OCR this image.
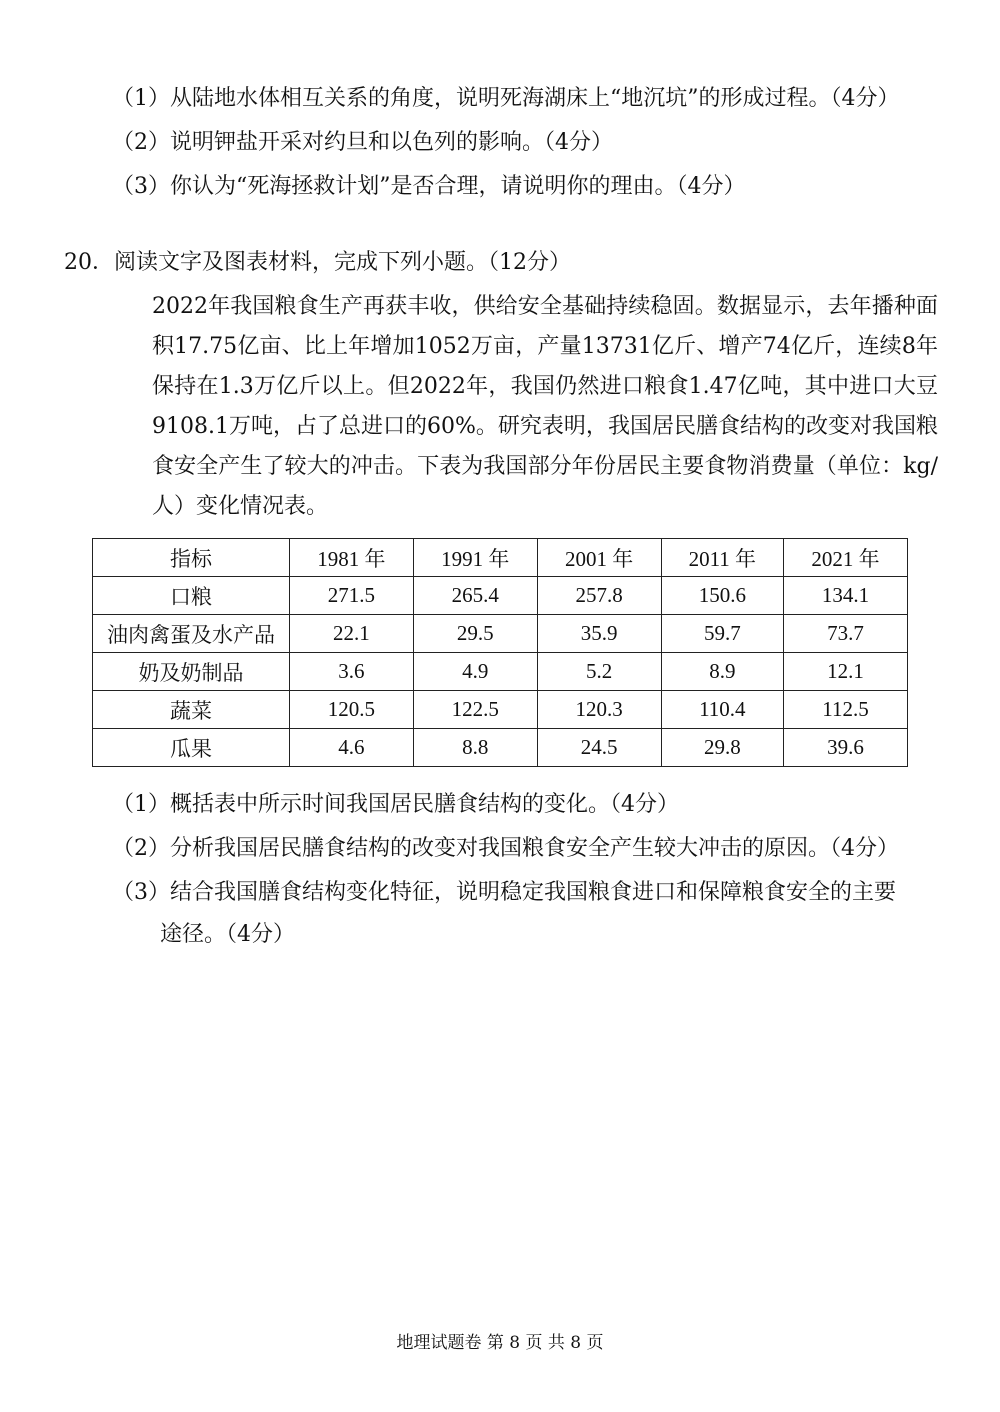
（1）从陆地水体相互关系的角度，说明死海湖床上“地沉坑”的形成过程。（4分）
（2）说明钾盐开采对约旦和以色列的影响。（4分）
（3）你认为“死海拯救计划”是否合理，请说明你的理由。（4分）
20．阅读文字及图表材料，完成下列小题。（12分）
2022年我国粮食生产再获丰收，供给安全基础持续稳固。数据显示，去年播种面积17.75亿亩、比上年增加1052万亩，产量13731亿斤、增产74亿斤，连续8年保持在1.3万亿斤以上。但2022年，我国仍然进口粮食1.47亿吨，其中进口大豆9108.1万吨，占了总进口的60%。研究表明，我国居民膳食结构的改变对我国粮食安全产生了较大的冲击。下表为我国部分年份居民主要食物消费量（单位：kg/人）变化情况表。
指标	1981 年	1991 年	2001 年	2011 年	2021 年
口粮	271.5	265.4	257.8	150.6	134.1
油肉禽蛋及水产品	22.1	29.5	35.9	59.7	73.7
奶及奶制品	3.6	4.9	5.2	8.9	12.1
蔬菜	120.5	122.5	120.3	110.4	112.5
瓜果	4.6	8.8	24.5	29.8	39.6
（1）概括表中所示时间我国居民膳食结构的变化。（4分）
（2）分析我国居民膳食结构的改变对我国粮食安全产生较大冲击的原因。（4分）
（3）结合我国膳食结构变化特征，说明稳定我国粮食进口和保障粮食安全的主要
途径。（4分）
地理试题卷 第 8 页 共 8 页
